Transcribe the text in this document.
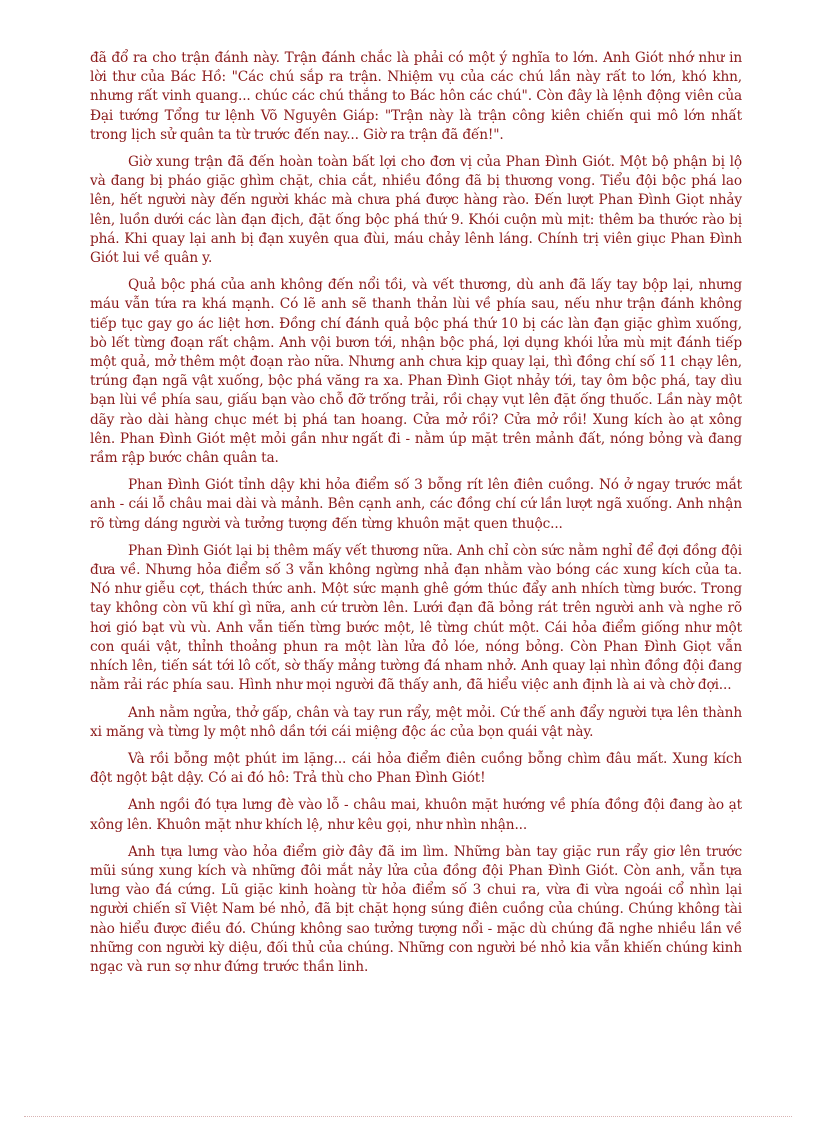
đã đổ ra cho trận đánh này. Trận đánh chắc là phải có một ý nghĩa to lớn. Anh Giót nhớ như in lời thư của Bác Hồ: "Các chú sắp ra trận. Nhiệm vụ của các chú lần này rất to lớn, khó khn, nhưng rất vinh quang... chúc các chú thắng to Bác hôn các chú". Còn đây là lệnh động viên của Đại tướng Tổng tư lệnh Võ Nguyên Giáp: "Trận này là trận công kiên chiến qui mô lớn nhất trong lịch sử quân ta từ trước đến nay... Giờ ra trận đã đến!".

Giờ xung trận đã đến hoàn toàn bất lợi cho đơn vị của Phan Đình Giót. Một bộ phận bị lộ và đang bị pháo giặc ghìm chặt, chia cắt, nhiều đồng đã bị thương vong. Tiểu đội bộc phá lao lên, hết người này đến người khác mà chưa phá được hàng rào. Đến lượt Phan Đình Giọt nhảy lên, luồn dưới các làn đạn địch, đặt ống bộc phá thứ 9. Khói cuộn mù mịt: thêm ba thước rào bị phá. Khi quay lại anh bị đạn xuyên qua đùi, máu chảy lênh láng. Chính trị viên giục Phan Đình Giót lui về quân y.

Quả bộc phá của anh không đến nổi tồi, và vết thương, dù anh đã lấy tay bộp lại, nhưng máu vẫn tứa ra khá mạnh. Có lẽ anh sẽ thanh thản lùi về phía sau, nếu như trận đánh không tiếp tục gay go ác liệt hơn. Đồng chí đánh quả bộc phá thứ 10 bị các làn đạn giặc ghìm xuống, bò lết từng đoạn rất chậm. Anh vội bươn tới, nhận bộc phá, lợi dụng khói lửa mù mịt đánh tiếp một quả, mở thêm một đoạn rào nữa. Nhưng anh chưa kịp quay lại, thì đồng chí số 11 chạy lên, trúng đạn ngã vật xuống, bộc phá văng ra xa. Phan Đình Giọt nhảy tới, tay ôm bộc phá, tay dìu bạn lùi về phía sau, giấu bạn vào chỗ đỡ trống trải, rồi chạy vụt lên đặt ống thuốc. Lần này một dãy rào dài hàng chục mét bị phá tan hoang. Cửa mở rồi? Cửa mở rồi! Xung kích ào ạt xông lên. Phan Đình Giót mệt mỏi gần như ngất đi - nằm úp mặt trên mảnh đất, nóng bỏng và đang rầm rập bước chân quân ta.

Phan Đình Giót tỉnh dậy khi hỏa điểm số 3 bỗng rít lên điên cuồng. Nó ở ngay trước mắt anh - cái lỗ châu mai dài và mảnh. Bên cạnh anh, các đồng chí cứ lần lượt ngã xuống. Anh nhận rõ từng dáng người và tưởng tượng đến từng khuôn mặt quen thuộc...

Phan Đình Giót lại bị thêm mấy vết thương nữa. Anh chỉ còn sức nằm nghỉ để đợi đồng đội đưa về. Nhưng hỏa điểm số 3 vẫn không ngừng nhả đạn nhằm vào bóng các xung kích của ta. Nó như giễu cợt, thách thức anh. Một sức mạnh ghê gớm thúc đẩy anh nhích từng bước. Trong tay không còn vũ khí gì nữa, anh cứ trườn lên. Lưới đạn đã bỏng rát trên người anh và nghe rõ hơi gió bạt vù vù. Anh vẫn tiến từng bước một, lê từng chút một. Cái hỏa điểm giống như một con quái vật, thỉnh thoảng phun ra một làn lửa đỏ lóe, nóng bỏng. Còn Phan Đình Giọt vẫn nhích lên, tiến sát tới lô cốt, sờ thấy mảng tường đá nham nhở. Anh quay lại nhìn đồng đội đang nằm rải rác phía sau. Hình như mọi người đã thấy anh, đã hiểu việc anh định là ai và chờ đợi...

Anh nằm ngửa, thở gấp, chân và tay run rẩy, mệt mỏi. Cứ thế anh đẩy người tựa lên thành xi măng và từng ly một nhô dần tới cái miệng độc ác của bọn quái vật này.

Và rồi bỗng một phút im lặng... cái hỏa điểm điên cuồng bỗng chìm đâu mất. Xung kích đột ngột bật dậy. Có ai đó hô: Trả thù cho Phan Đình Giót!

Anh ngồi đó tựa lưng đè vào lỗ - châu mai, khuôn mặt hướng về phía đồng đội đang ào ạt xông lên. Khuôn mặt như khích lệ, như kêu gọi, như nhìn nhận...

Anh tựa lưng vào hỏa điểm giờ đây đã im lìm. Những bàn tay giặc run rẩy giơ lên trước mũi súng xung kích và những đôi mắt nảy lửa của đồng đội Phan Đình Giót. Còn anh, vẫn tựa lưng vào đá cứng. Lũ giặc kinh hoàng từ hỏa điểm số 3 chui ra, vừa đi vừa ngoái cổ nhìn lại người chiến sĩ Việt Nam bé nhỏ, đã bịt chặt họng súng điên cuồng của chúng. Chúng không tài nào hiểu được điều đó. Chúng không sao tưởng tượng nổi - mặc dù chúng đã nghe nhiều lần về những con người kỳ diệu, đối thủ của chúng. Những con người bé nhỏ kia vẫn khiến chúng kinh ngạc và run sợ như đứng trước thần linh.
